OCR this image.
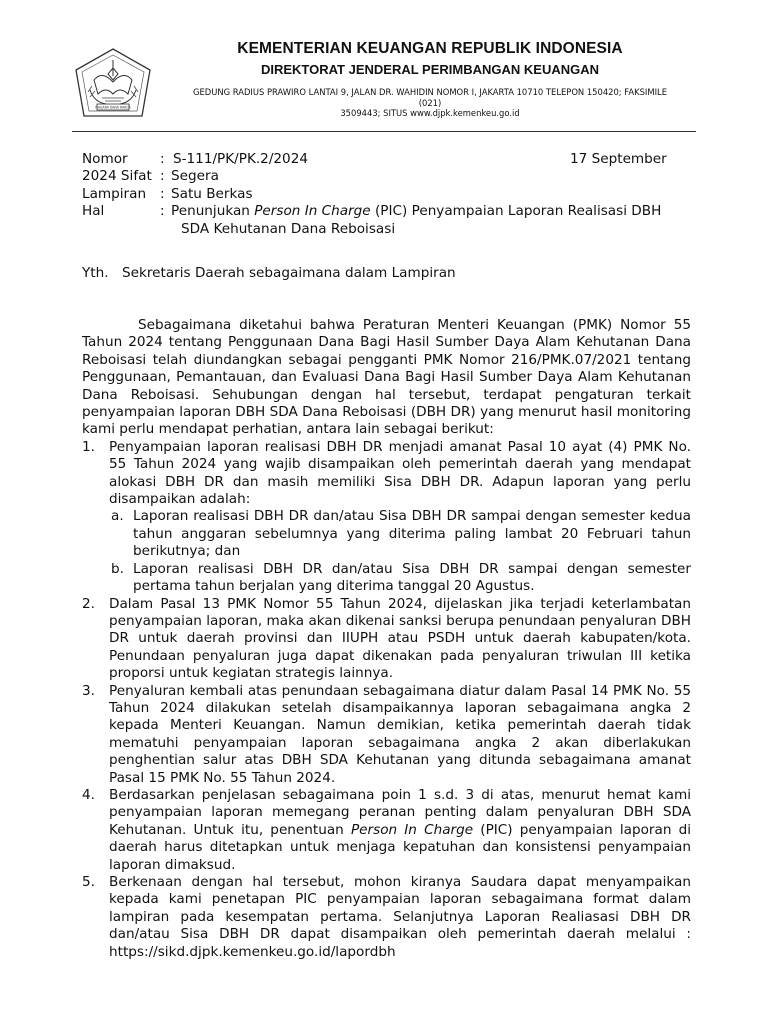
NAGARA DANA RAKCA
KEMENTERIAN KEUANGAN REPUBLIK INDONESIA
DIREKTORAT JENDERAL PERIMBANGAN KEUANGAN
GEDUNG RADIUS PRAWIRO LANTAI 9, JALAN DR. WAHIDIN NOMOR I, JAKARTA 10710 TELEPON 150420; FAKSIMILE
(021)
3509443; SITUS www.djpk.kemenkeu.go.id
Nomor : S-111/PK/PK.2/2024	17 September
2024 Sifat : Segera
Lampiran : Satu Berkas
Hal	: Penunjukan Person In Charge (PIC) Penyampaian Laporan Realisasi DBH
SDA Kehutanan Dana Reboisasi
Yth. Sekretaris Daerah sebagaimana dalam Lampiran

Sebagaimana diketahui bahwa Peraturan Menteri Keuangan (PMK) Nomor 55 Tahun 2024 tentang Penggunaan Dana Bagi Hasil Sumber Daya Alam Kehutanan Dana Reboisasi telah diundangkan sebagai pengganti PMK Nomor 216/PMK.07/2021 tentang Penggunaan, Pemantauan, dan Evaluasi Dana Bagi Hasil Sumber Daya Alam Kehutanan Dana Reboisasi. Sehubungan dengan hal tersebut, terdapat pengaturan terkait penyampaian laporan DBH SDA Dana Reboisasi (DBH DR) yang menurut hasil monitoring kami perlu mendapat perhatian, antara lain sebagai berikut:

1. Penyampaian laporan realisasi DBH DR menjadi amanat Pasal 10 ayat (4) PMK No. 55 Tahun 2024 yang wajib disampaikan oleh pemerintah daerah yang mendapat alokasi DBH DR dan masih memiliki Sisa DBH DR. Adapun laporan yang perlu disampaikan adalah:
a. Laporan realisasi DBH DR dan/atau Sisa DBH DR sampai dengan semester kedua tahun anggaran sebelumnya yang diterima paling lambat 20 Februari tahun berikutnya; dan
b. Laporan realisasi DBH DR dan/atau Sisa DBH DR sampai dengan semester pertama tahun berjalan yang diterima tanggal 20 Agustus.
2. Dalam Pasal 13 PMK Nomor 55 Tahun 2024, dijelaskan jika terjadi keterlambatan penyampaian laporan, maka akan dikenai sanksi berupa penundaan penyaluran DBH DR untuk daerah provinsi dan IIUPH atau PSDH untuk daerah kabupaten/kota. Penundaan penyaluran juga dapat dikenakan pada penyaluran triwulan III ketika proporsi untuk kegiatan strategis lainnya.
3. Penyaluran kembali atas penundaan sebagaimana diatur dalam Pasal 14 PMK No. 55 Tahun 2024 dilakukan setelah disampaikannya laporan sebagaimana angka 2 kepada Menteri Keuangan. Namun demikian, ketika pemerintah daerah tidak mematuhi penyampaian laporan sebagaimana angka 2 akan diberlakukan penghentian salur atas DBH SDA Kehutanan yang ditunda sebagaimana amanat Pasal 15 PMK No. 55 Tahun 2024.
4. Berdasarkan penjelasan sebagaimana poin 1 s.d. 3 di atas, menurut hemat kami penyampaian laporan memegang peranan penting dalam penyaluran DBH SDA Kehutanan. Untuk itu, penentuan Person In Charge (PIC) penyampaian laporan di daerah harus ditetapkan untuk menjaga kepatuhan dan konsistensi penyampaian laporan dimaksud.
5. Berkenaan dengan hal tersebut, mohon kiranya Saudara dapat menyampaikan kepada kami penetapan PIC penyampaian laporan sebagaimana format dalam lampiran pada kesempatan pertama. Selanjutnya Laporan Realiasasi DBH DR dan/atau Sisa DBH DR dapat disampaikan oleh pemerintah daerah melalui : https://sikd.djpk.kemenkeu.go.id/lapordbh
